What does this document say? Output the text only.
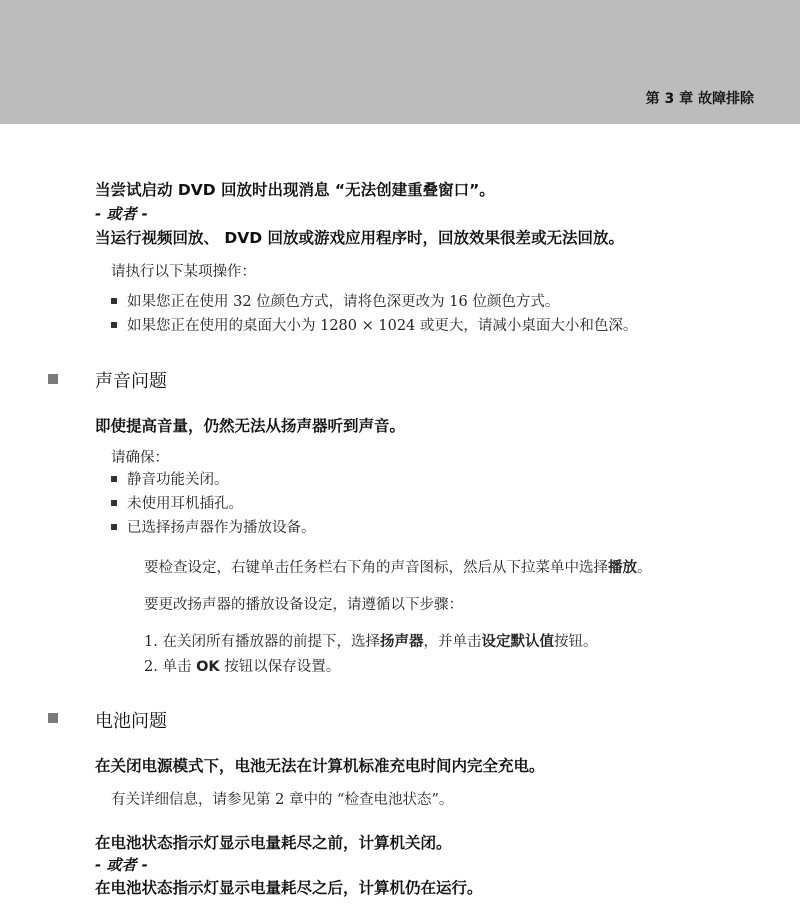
第 3 章 故障排除
当尝试启动 DVD 回放时出现消息 “无法创建重叠窗口”。
- 或者 -
当运行视频回放、 DVD 回放或游戏应用程序时，回放效果很差或无法回放。
请执行以下某项操作：
如果您正在使用 32 位颜色方式，请将色深更改为 16 位颜色方式。
如果您正在使用的桌面大小为 1280 × 1024 或更大，请减小桌面大小和色深。
声音问题
即使提高音量，仍然无法从扬声器听到声音。
请确保：
静音功能关闭。
未使用耳机插孔。
已选择扬声器作为播放设备。
要检查设定，右键单击任务栏右下角的声音图标，然后从下拉菜单中选择播放。
要更改扬声器的播放设备设定，请遵循以下步骤：
1. 在关闭所有播放器的前提下，选择扬声器，并单击设定默认值按钮。
2. 单击 OK 按钮以保存设置。
电池问题
在关闭电源模式下，电池无法在计算机标准充电时间内完全充电。
有关详细信息，请参见第 2 章中的 “检查电池状态”。
在电池状态指示灯显示电量耗尽之前，计算机关闭。
- 或者 -
在电池状态指示灯显示电量耗尽之后，计算机仍在运行。
